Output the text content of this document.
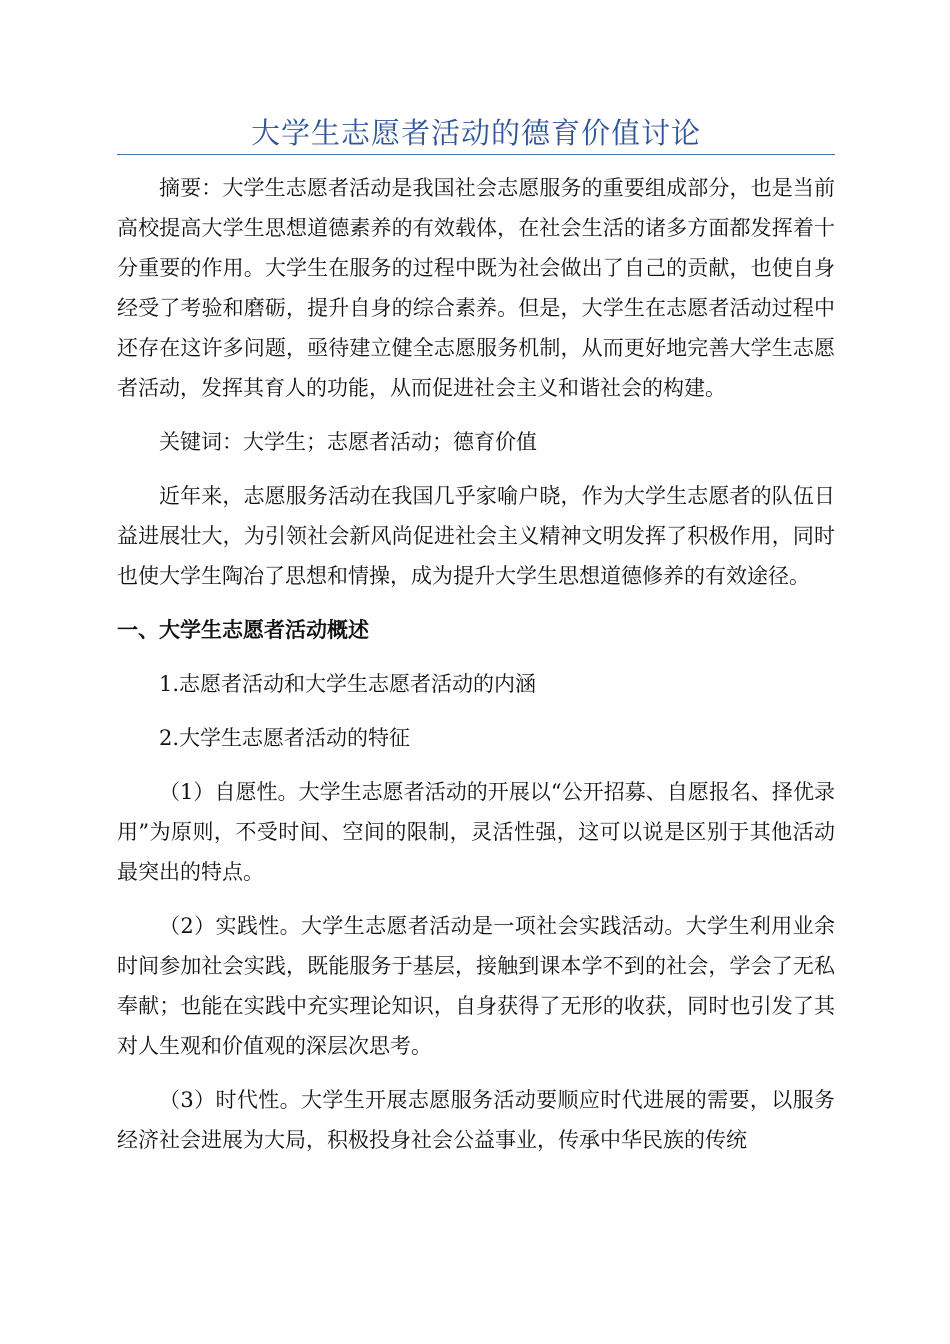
大学生志愿者活动的德育价值讨论

摘要：大学生志愿者活动是我国社会志愿服务的重要组成部分，也是当前高校提高大学生思想道德素养的有效载体，在社会生活的诸多方面都发挥着十分重要的作用。大学生在服务的过程中既为社会做出了自己的贡献，也使自身经受了考验和磨砺，提升自身的综合素养。但是，大学生在志愿者活动过程中还存在这许多问题，亟待建立健全志愿服务机制，从而更好地完善大学生志愿者活动，发挥其育人的功能，从而促进社会主义和谐社会的构建。

关键词：大学生；志愿者活动；德育价值

近年来，志愿服务活动在我国几乎家喻户晓，作为大学生志愿者的队伍日益进展壮大，为引领社会新风尚促进社会主义精神文明发挥了积极作用，同时也使大学生陶冶了思想和情操，成为提升大学生思想道德修养的有效途径。

一、大学生志愿者活动概述

1.志愿者活动和大学生志愿者活动的内涵

2.大学生志愿者活动的特征

（1）自愿性。大学生志愿者活动的开展以“公开招募、自愿报名、择优录用”为原则，不受时间、空间的限制，灵活性强，这可以说是区别于其他活动最突出的特点。

（2）实践性。大学生志愿者活动是一项社会实践活动。大学生利用业余时间参加社会实践，既能服务于基层，接触到课本学不到的社会，学会了无私奉献；也能在实践中充实理论知识，自身获得了无形的收获，同时也引发了其对人生观和价值观的深层次思考。

（3）时代性。大学生开展志愿服务活动要顺应时代进展的需要，以服务经济社会进展为大局，积极投身社会公益事业，传承中华民族的传统
